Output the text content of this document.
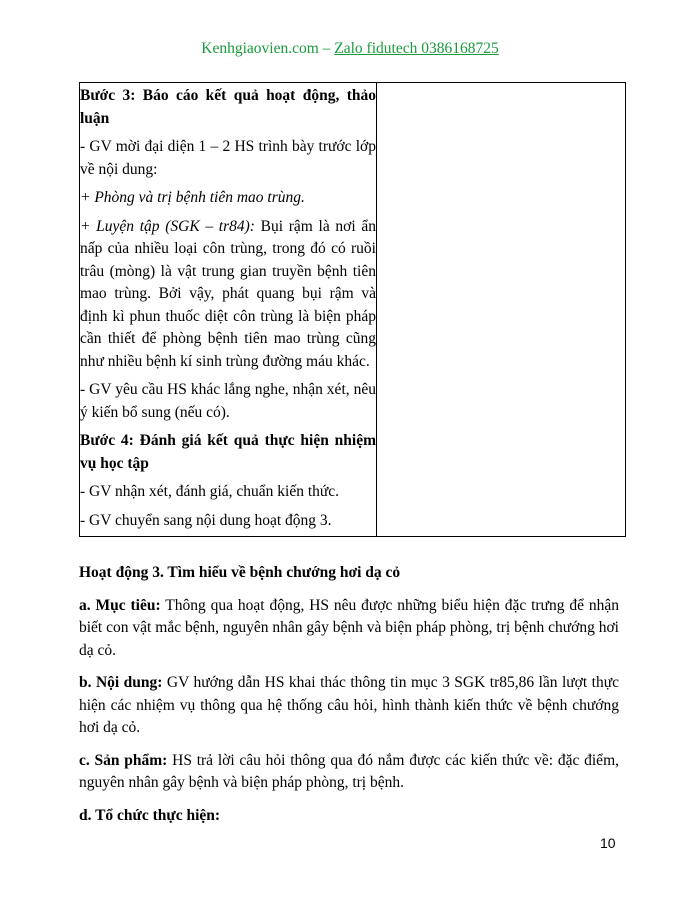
Kenhgiaovien.com – Zalo fidutech 0386168725

Bước 3: Báo cáo kết quả hoạt động, thảo luận

- GV mời đại diện 1 – 2 HS trình bày trước lớp về nội dung:

+ Phòng và trị bệnh tiên mao trùng.

+ Luyện tập (SGK – tr84): Bụi rậm là nơi ẩn nấp của nhiều loại côn trùng, trong đó có ruồi trâu (mòng) là vật trung gian truyền bệnh tiên mao trùng. Bởi vậy, phát quang bụi rậm và định kì phun thuốc diệt côn trùng là biện pháp cần thiết để phòng bệnh tiên mao trùng cũng như nhiều bệnh kí sinh trùng đường máu khác.

- GV yêu cầu HS khác lắng nghe, nhận xét, nêu ý kiến bổ sung (nếu có).

Bước 4: Đánh giá kết quả thực hiện nhiệm vụ học tập

- GV nhận xét, đánh giá, chuẩn kiến thức.

- GV chuyển sang nội dung hoạt động 3.

Hoạt động 3. Tìm hiểu về bệnh chướng hơi dạ cỏ

a. Mục tiêu: Thông qua hoạt động, HS nêu được những biểu hiện đặc trưng để nhận biết con vật mắc bệnh, nguyên nhân gây bệnh và biện pháp phòng, trị bệnh chướng hơi dạ cỏ.

b. Nội dung: GV hướng dẫn HS khai thác thông tin mục 3 SGK tr85,86 lần lượt thực hiện các nhiệm vụ thông qua hệ thống câu hỏi, hình thành kiến thức về bệnh chướng hơi dạ cỏ.

c. Sản phẩm: HS trả lời câu hỏi thông qua đó nắm được các kiến thức về: đặc điểm, nguyên nhân gây bệnh và biện pháp phòng, trị bệnh.

d. Tổ chức thực hiện:

10
